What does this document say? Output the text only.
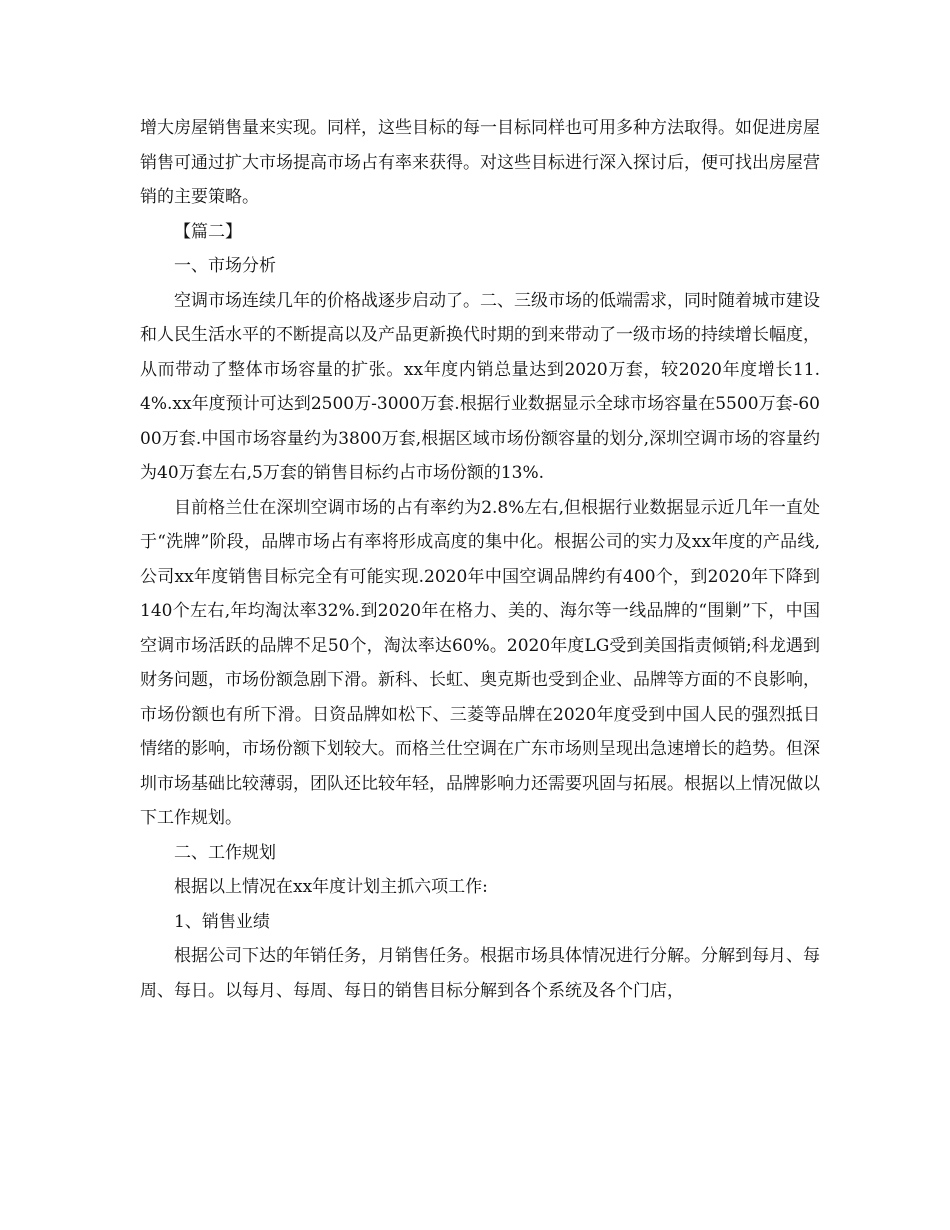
增大房屋销售量来实现。同样，这些目标的每一目标同样也可用多种方法取得。如促进房屋销售可通过扩大市场提高市场占有率来获得。对这些目标进行深入探讨后，便可找出房屋营销的主要策略。

【篇二】

一、市场分析

空调市场连续几年的价格战逐步启动了。二、三级市场的低端需求，同时随着城市建设和人民生活水平的不断提高以及产品更新换代时期的到来带动了一级市场的持续增长幅度，从而带动了整体市场容量的扩张。xx年度内销总量达到2020万套，较2020年度增长11.4%.xx年度预计可达到2500万-3000万套.根据行业数据显示全球市场容量在5500万套-6000万套.中国市场容量约为3800万套,根据区域市场份额容量的划分,深圳空调市场的容量约为40万套左右,5万套的销售目标约占市场份额的13%.

目前格兰仕在深圳空调市场的占有率约为2.8%左右,但根据行业数据显示近几年一直处于“洗牌”阶段，品牌市场占有率将形成高度的集中化。根据公司的实力及xx年度的产品线,公司xx年度销售目标完全有可能实现.2020年中国空调品牌约有400个，到2020年下降到140个左右,年均淘汰率32%.到2020年在格力、美的、海尔等一线品牌的“围剿”下，中国空调市场活跃的品牌不足50个，淘汰率达60%。2020年度LG受到美国指责倾销;科龙遇到财务问题，市场份额急剧下滑。新科、长虹、奥克斯也受到企业、品牌等方面的不良影响，市场份额也有所下滑。日资品牌如松下、三菱等品牌在2020年度受到中国人民的强烈抵日情绪的影响，市场份额下划较大。而格兰仕空调在广东市场则呈现出急速增长的趋势。但深圳市场基础比较薄弱，团队还比较年轻，品牌影响力还需要巩固与拓展。根据以上情况做以下工作规划。

二、工作规划

根据以上情况在xx年度计划主抓六项工作:

1、销售业绩

根据公司下达的年销任务，月销售任务。根据市场具体情况进行分解。分解到每月、每周、每日。以每月、每周、每日的销售目标分解到各个系统及各个门店，
